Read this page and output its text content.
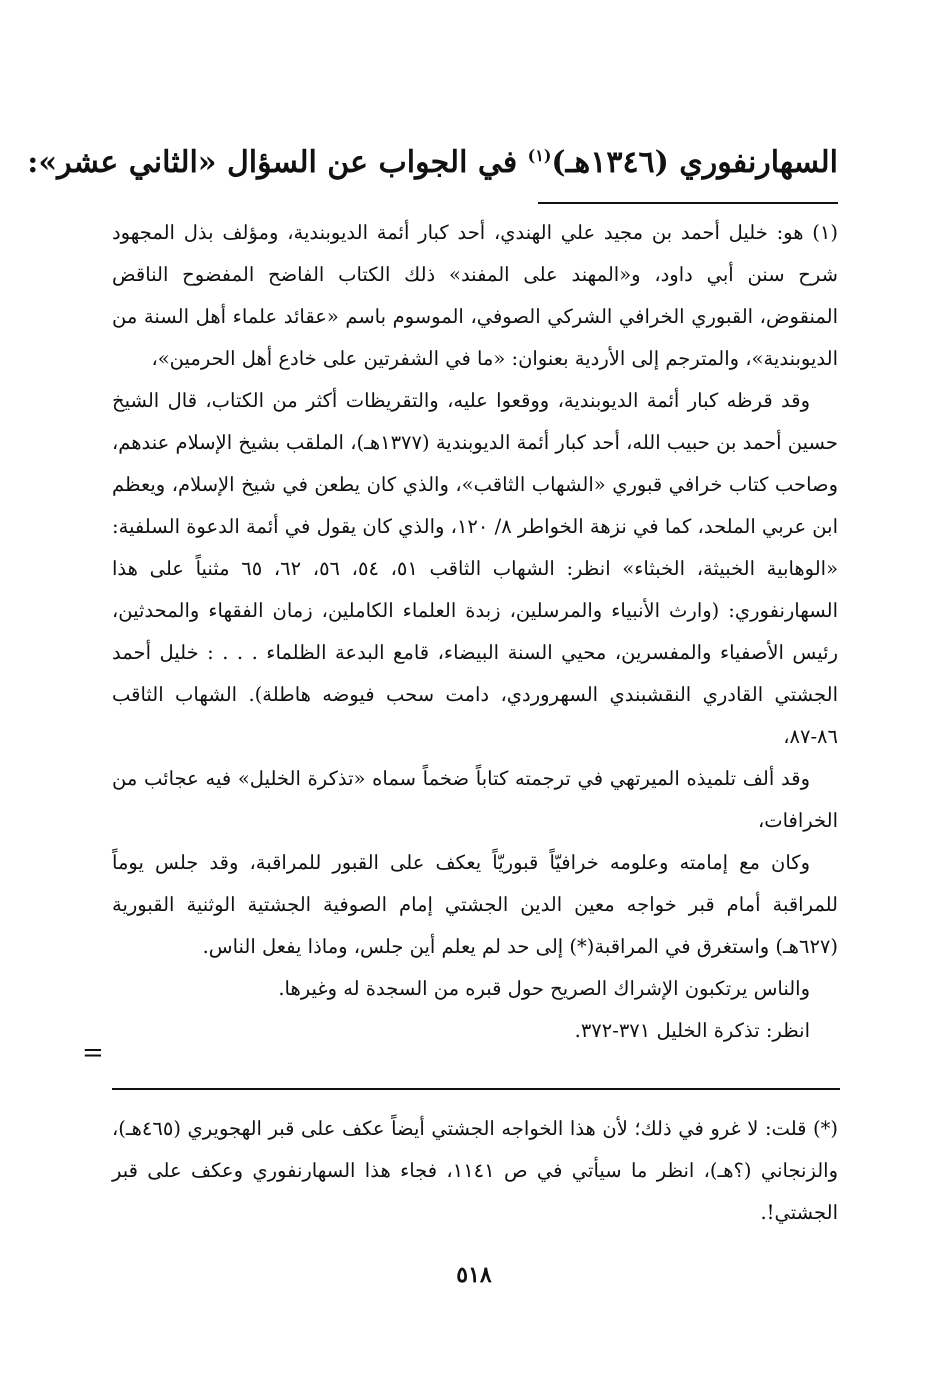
السهارنفوري (١٣٤٦هـ)$^{(١)}$ في الجواب عن السؤال «الثاني عشر»:

(١) هو: خليل أحمد بن مجيد علي الهندي، أحد كبار أئمة الديوبندية، ومؤلف بذل المجهود شرح سنن أبي داود، و«المهند على المفند» ذلك الكتاب الفاضح المفضوح الناقض المنقوض، القبوري الخرافي الشركي الصوفي، الموسوم باسم «عقائد علماء أهل السنة من الديوبندية»، والمترجم إلى الأردية بعنوان: «ما في الشفرتين على خادع أهل الحرمين»،

وقد قرظه كبار أئمة الديوبندية، ووقعوا عليه، والتقريظات أكثر من الكتاب، قال الشيخ حسين أحمد بن حبيب الله، أحد كبار أئمة الديوبندية (١٣٧٧هـ)، الملقب بشيخ الإسلام عندهم، وصاحب كتاب خرافي قبوري «الشهاب الثاقب»، والذي كان يطعن في شيخ الإسلام، ويعظم ابن عربي الملحد، كما في نزهة الخواطر ٨/ ١٢٠، والذي كان يقول في أئمة الدعوة السلفية: «الوهابية الخبيثة، الخبثاء» انظر: الشهاب الثاقب ٥١، ٥٤، ٥٦، ٦٢، ٦٥ مثنياً على هذا السهارنفوري: (وارث الأنبياء والمرسلين، زبدة العلماء الكاملين، زمان الفقهاء والمحدثين، رئيس الأصفياء والمفسرين، محيي السنة البيضاء، قامع البدعة الظلماء . . . : خليل أحمد الجشتي القادري النقشبندي السهروردي، دامت سحب فيوضه هاطلة). الشهاب الثاقب ٨٦-٨٧،

وقد ألف تلميذه الميرتهي في ترجمته كتاباً ضخماً سماه «تذكرة الخليل» فيه عجائب من الخرافات،

وكان مع إمامته وعلومه خرافيّاً قبوريّاً يعكف على القبور للمراقبة، وقد جلس يوماً للمراقبة أمام قبر خواجه معين الدين الجشتي إمام الصوفية الجشتية الوثنية القبورية (٦٢٧هـ) واستغرق في المراقبة(*) إلى حد لم يعلم أين جلس، وماذا يفعل الناس.

والناس يرتكبون الإشراك الصريح حول قبره من السجدة له وغيرها.

انظر: تذكرة الخليل ٣٧١-٣٧٢.

=

(*) قلت: لا غرو في ذلك؛ لأن هذا الخواجه الجشتي أيضاً عكف على قبر الهجويري (٤٦٥هـ)، والزنجاني (؟هـ)، انظر ما سيأتي في ص ١١٤١، فجاء هذا السهارنفوري وعكف على قبر الجشتي!.

٥١٨
